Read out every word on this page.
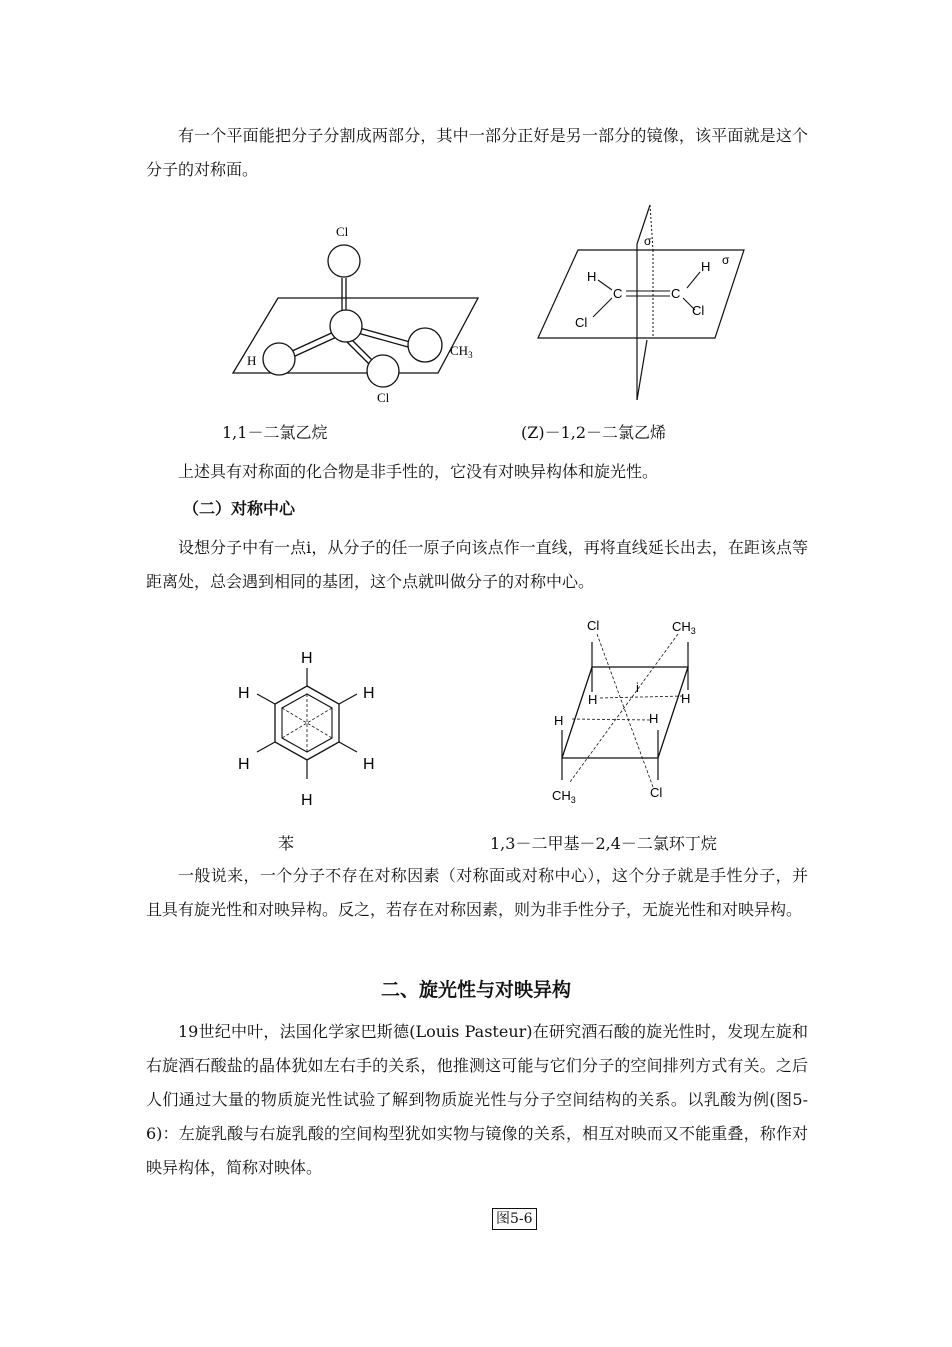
有一个平面能把分子分割成两部分，其中一部分正好是另一部分的镜像，该平面就是这个分子的对称面。

Cl
H
$CH_3$
Cl

1,1－二氯乙烷

σ
σ
H
H
C	C
Cl
Cl

(Z)－1,2－二氯乙烯

上述具有对称面的化合物是非手性的，它没有对映异构体和旋光性。

（二）对称中心

设想分子中有一点i，从分子的任一原子向该点作一直线，再将直线延长出去，在距该点等距离处，总会遇到相同的基团，这个点就叫做分子的对称中心。

H
H	H
H	H
H

苯

Cl	$CH_3$
i
H	H
H	H
$CH_3$	Cl

1,3－二甲基－2,4－二氯环丁烷

一般说来，一个分子不存在对称因素（对称面或对称中心），这个分子就是手性分子，并且具有旋光性和对映异构。反之，若存在对称因素，则为非手性分子，无旋光性和对映异构。

二、旋光性与对映异构

19世纪中叶，法国化学家巴斯德(Louis Pasteur)在研究酒石酸的旋光性时，发现左旋和右旋酒石酸盐的晶体犹如左右手的关系，他推测这可能与它们分子的空间排列方式有关。之后人们通过大量的物质旋光性试验了解到物质旋光性与分子空间结构的关系。以乳酸为例(图5-6)：左旋乳酸与右旋乳酸的空间构型犹如实物与镜像的关系，相互对映而又不能重叠，称作对映异构体，简称对映体。

图5-6
